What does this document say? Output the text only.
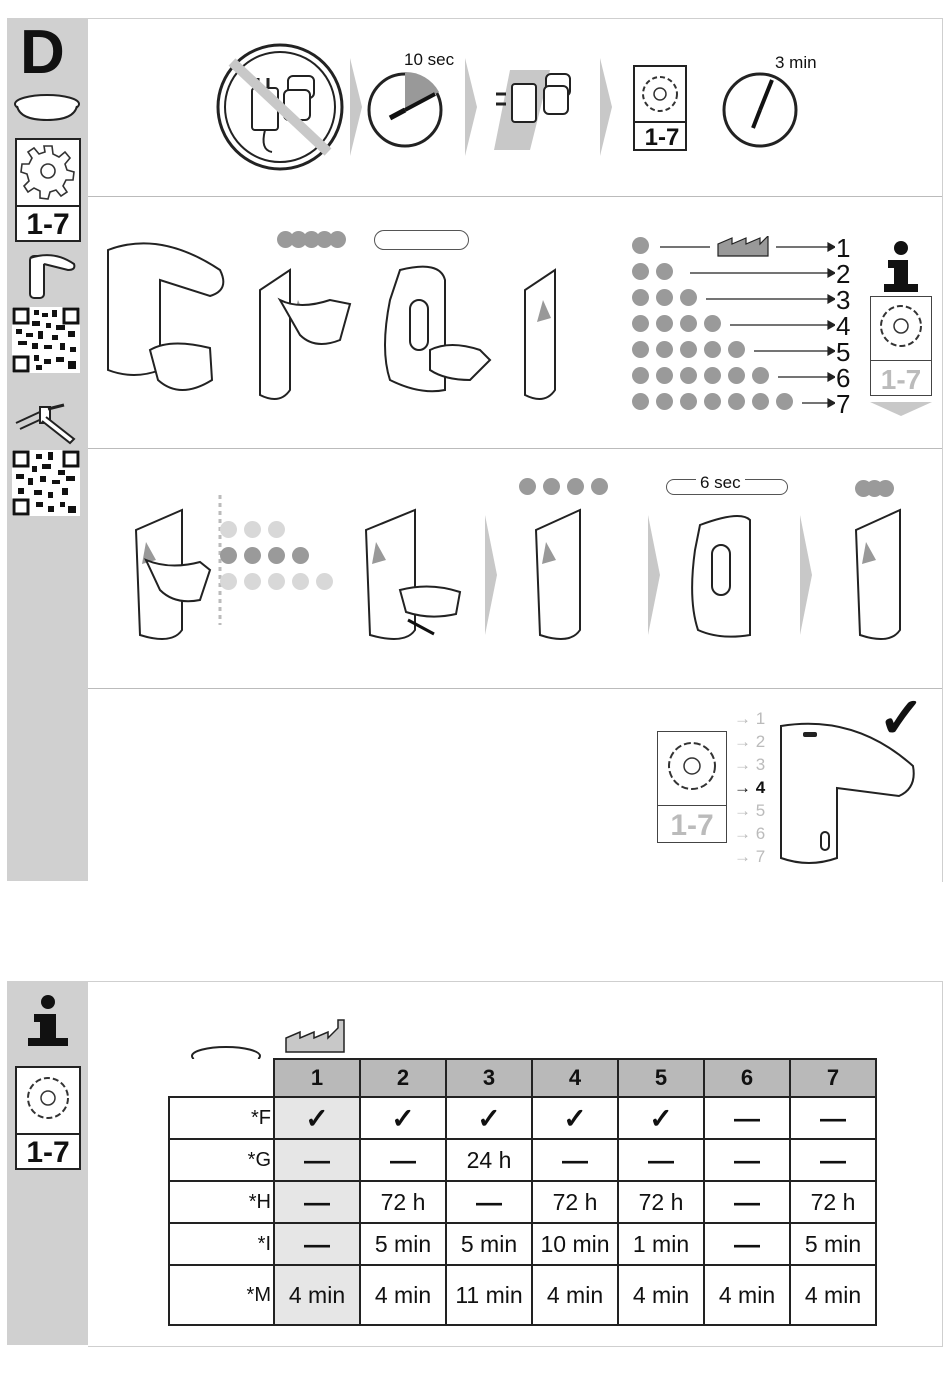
D
1-7
10 sec	3 min
1-7
1
2
3
4
5
6
7
1-7
6 sec
1-7
→ 1
→ 2
→ 3
→ 4
→ 5
→ 6
→ 7
✓
1-7
	1	2	3	4	5	6	7
*F	✓	✓	✓	✓	✓	—	—
*G	—	—	24 h	—	—	—	—
*H	—	72 h	—	72 h	72 h	—	72 h
*I	—	5 min	5 min	10 min	1 min	—	5 min
*M	4 min	4 min	11 min	4 min	4 min	4 min	4 min
